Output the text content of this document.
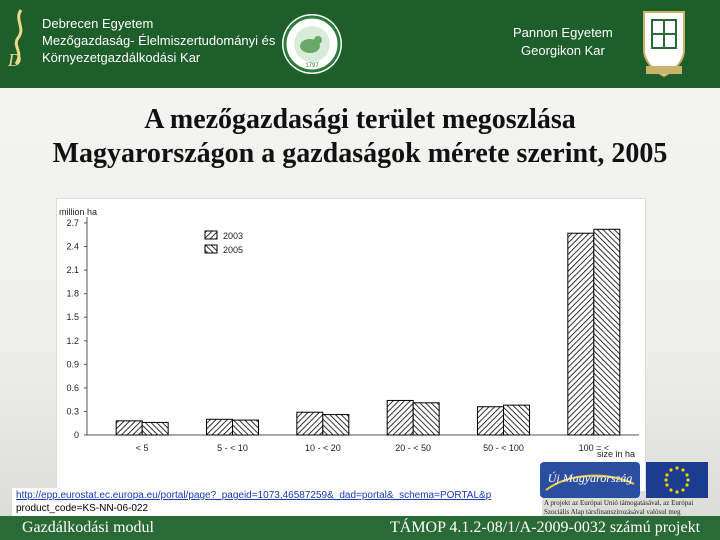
D
Debrecen Egyetem
Mezőgazdaság- Élelmiszertudományi és
Környezetgazdálkodási Kar
1797
Pannon Egyetem
Georgikon Kar
A mezőgazdasági terület megoszlása
Magyarországon a gazdaságok mérete szerint, 2005
million ha
size in ha
0
0.3
0.6
0.9
1.2
1.5
1.8
2.1
2.4
2.7
< 5	5 - < 10	10 - < 20	20 - < 50	50 - < 100	100 = <
2003
2005
http://epp.eurostat.ec.europa.eu/portal/page?_pageid=1073,46587259&_dad=portal&_schema=PORTAL&p
product_code=KS-NN-06-022
Új Magyarország
A projekt az Európai Unió támogatásával, az Európai Szociális Alap társfinanszírozásával valósul meg
Gazdálkodási modul	TÁMOP 4.1.2-08/1/A-2009-0032 számú projekt
